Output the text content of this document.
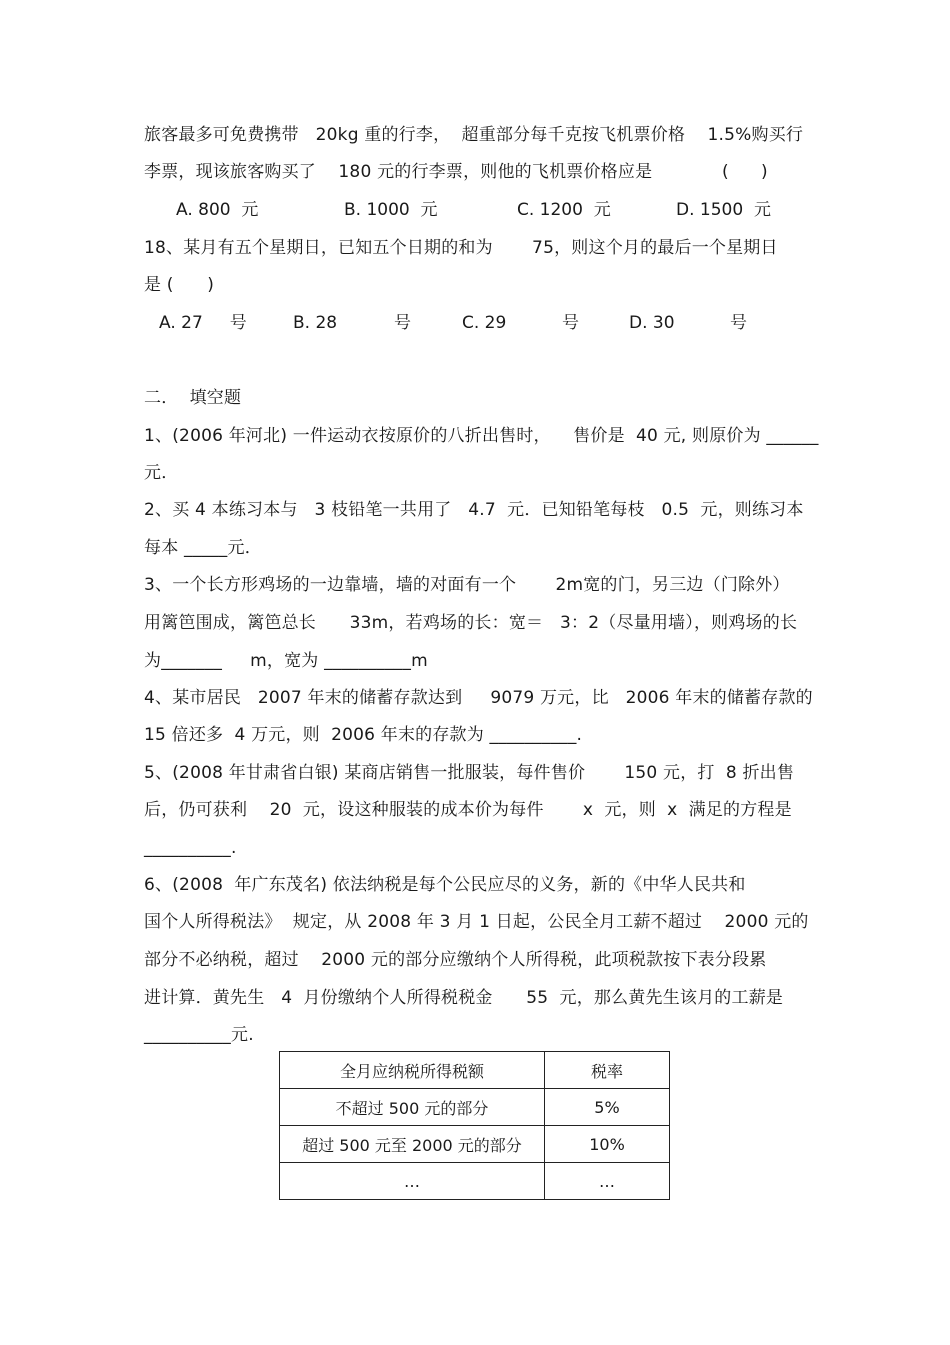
旅客最多可免费携带   20kg 重的行李，  超重部分每千克按飞机票价格    1.5%购买行
李票，现该旅客购买了    180 元的行李票，则他的飞机票价格应是	(      )
A. 800  元	B. 1000  元	C. 1200  元	D. 1500  元
18、某月有五个星期日，已知五个日期的和为       75，则这个月的最后一个星期日
是 (      )
A. 27     号	B. 28	号	C. 29	号	D. 30	号
二．  填空题
1、(2006 年河北) 一件运动衣按原价的八折出售时，    售价是  40 元, 则原价为 ______
元．
2、买 4 本练习本与   3 枝铅笔一共用了   4.7  元．已知铅笔每枝   0.5  元，则练习本
每本 _____元．
3、一个长方形鸡场的一边靠墙，墙的对面有一个       2m宽的门，另三边（门除外）
用篱笆围成，篱笆总长      33m，若鸡场的长：宽＝   3：2（尽量用墙），则鸡场的长
为_______     m，宽为 __________m
4、某市居民   2007 年末的储蓄存款达到     9079 万元，比   2006 年末的储蓄存款的
15 倍还多  4 万元，则  2006 年末的存款为 __________.
5、(2008 年甘肃省白银) 某商店销售一批服装，每件售价       150 元，打  8 折出售
后，仍可获利    20  元，设这种服装的成本价为每件       x  元，则  x  满足的方程是
__________.
6、(2008  年广东茂名) 依法纳税是每个公民应尽的义务，新的《中华人民共和
国个人所得税法》  规定，从 2008 年 3 月 1 日起，公民全月工薪不超过    2000 元的
部分不必纳税，超过    2000 元的部分应缴纳个人所得税，此项税款按下表分段累
进计算．黄先生   4  月份缴纳个人所得税税金      55  元，那么黄先生该月的工薪是
__________元.
全月应纳税所得税额	税率
不超过 500 元的部分	5%
超过 500 元至 2000 元的部分	10%
…	…
